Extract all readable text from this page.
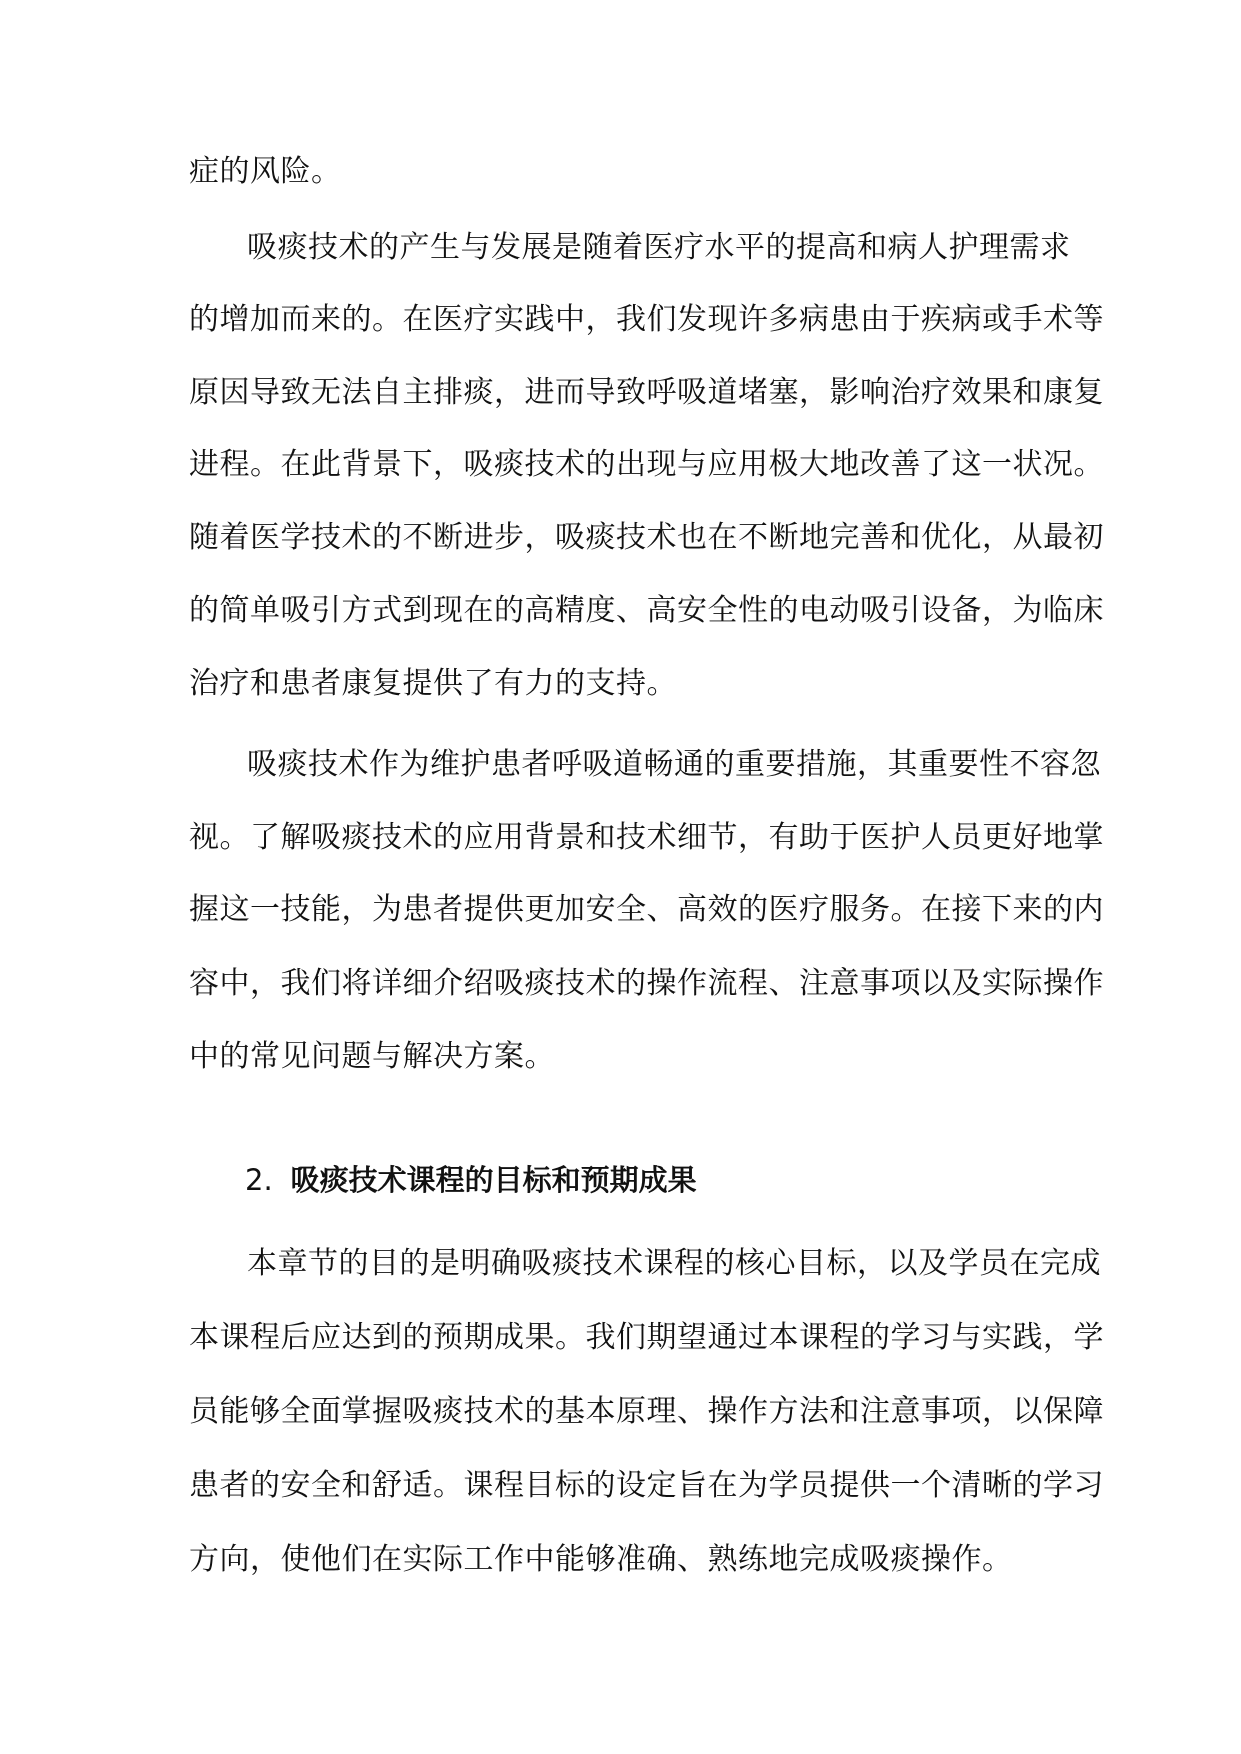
症的风险。
吸痰技术的产生与发展是随着医疗水平的提高和病人护理需求
的增加而来的。在医疗实践中，我们发现许多病患由于疾病或手术等
原因导致无法自主排痰，进而导致呼吸道堵塞，影响治疗效果和康复
进程。在此背景下，吸痰技术的出现与应用极大地改善了这一状况。
随着医学技术的不断进步，吸痰技术也在不断地完善和优化，从最初
的简单吸引方式到现在的高精度、高安全性的电动吸引设备，为临床
治疗和患者康复提供了有力的支持。
吸痰技术作为维护患者呼吸道畅通的重要措施，其重要性不容忽
视。了解吸痰技术的应用背景和技术细节，有助于医护人员更好地掌
握这一技能，为患者提供更加安全、高效的医疗服务。在接下来的内
容中，我们将详细介绍吸痰技术的操作流程、注意事项以及实际操作
中的常见问题与解决方案。
2. 吸痰技术课程的目标和预期成果
本章节的目的是明确吸痰技术课程的核心目标，以及学员在完成
本课程后应达到的预期成果。我们期望通过本课程的学习与实践，学
员能够全面掌握吸痰技术的基本原理、操作方法和注意事项，以保障
患者的安全和舒适。课程目标的设定旨在为学员提供一个清晰的学习
方向，使他们在实际工作中能够准确、熟练地完成吸痰操作。
